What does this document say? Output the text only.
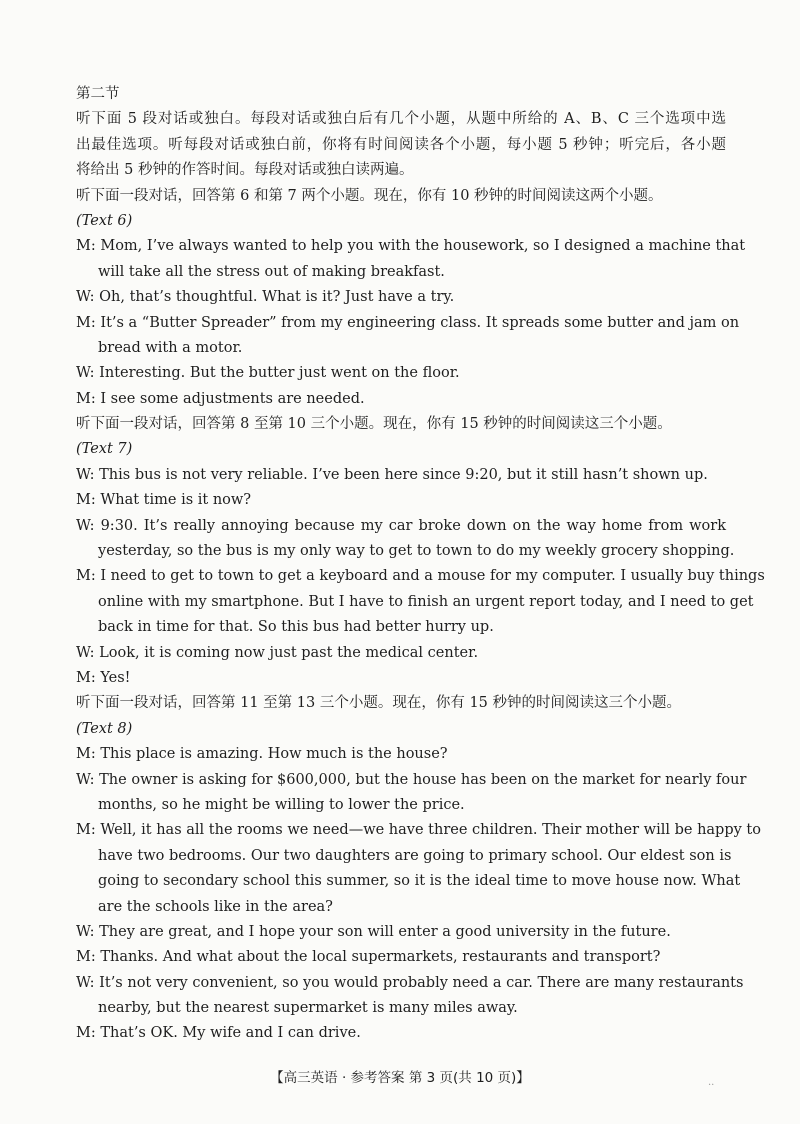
第二节
听下面 5 段对话或独白。每段对话或独白后有几个小题，从题中所给的 A、B、C 三个选项中选
出最佳选项。听每段对话或独白前，你将有时间阅读各个小题，每小题 5 秒钟；听完后，各小题
将给出 5 秒钟的作答时间。每段对话或独白读两遍。
听下面一段对话，回答第 6 和第 7 两个小题。现在，你有 10 秒钟的时间阅读这两个小题。
(Text 6)
M: Mom, I’ve always wanted to help you with the housework, so I designed a machine that
will take all the stress out of making breakfast.
W: Oh, that’s thoughtful. What is it? Just have a try.
M: It’s a “Butter Spreader” from my engineering class. It spreads some butter and jam on
bread with a motor.
W: Interesting. But the butter just went on the floor.
M: I see some adjustments are needed.
听下面一段对话，回答第 8 至第 10 三个小题。现在，你有 15 秒钟的时间阅读这三个小题。
(Text 7)
W: This bus is not very reliable. I’ve been here since 9:20, but it still hasn’t shown up.
M: What time is it now?
W: 9:30. It’s really annoying because my car broke down on the way home from work
yesterday, so the bus is my only way to get to town to do my weekly grocery shopping.
M: I need to get to town to get a keyboard and a mouse for my computer. I usually buy things
online with my smartphone. But I have to finish an urgent report today, and I need to get
back in time for that. So this bus had better hurry up.
W: Look, it is coming now just past the medical center.
M: Yes!
听下面一段对话，回答第 11 至第 13 三个小题。现在，你有 15 秒钟的时间阅读这三个小题。
(Text 8)
M: This place is amazing. How much is the house?
W: The owner is asking for $600,000, but the house has been on the market for nearly four
months, so he might be willing to lower the price.
M: Well, it has all the rooms we need—we have three children. Their mother will be happy to
have two bedrooms. Our two daughters are going to primary school. Our eldest son is
going to secondary school this summer, so it is the ideal time to move house now. What
are the schools like in the area?
W: They are great, and I hope your son will enter a good university in the future.
M: Thanks. And what about the local supermarkets, restaurants and transport?
W: It’s not very convenient, so you would probably need a car. There are many restaurants
nearby, but the nearest supermarket is many miles away.
M: That’s OK. My wife and I can drive.
【高三英语 · 参考答案 第 3 页(共 10 页)】	..
